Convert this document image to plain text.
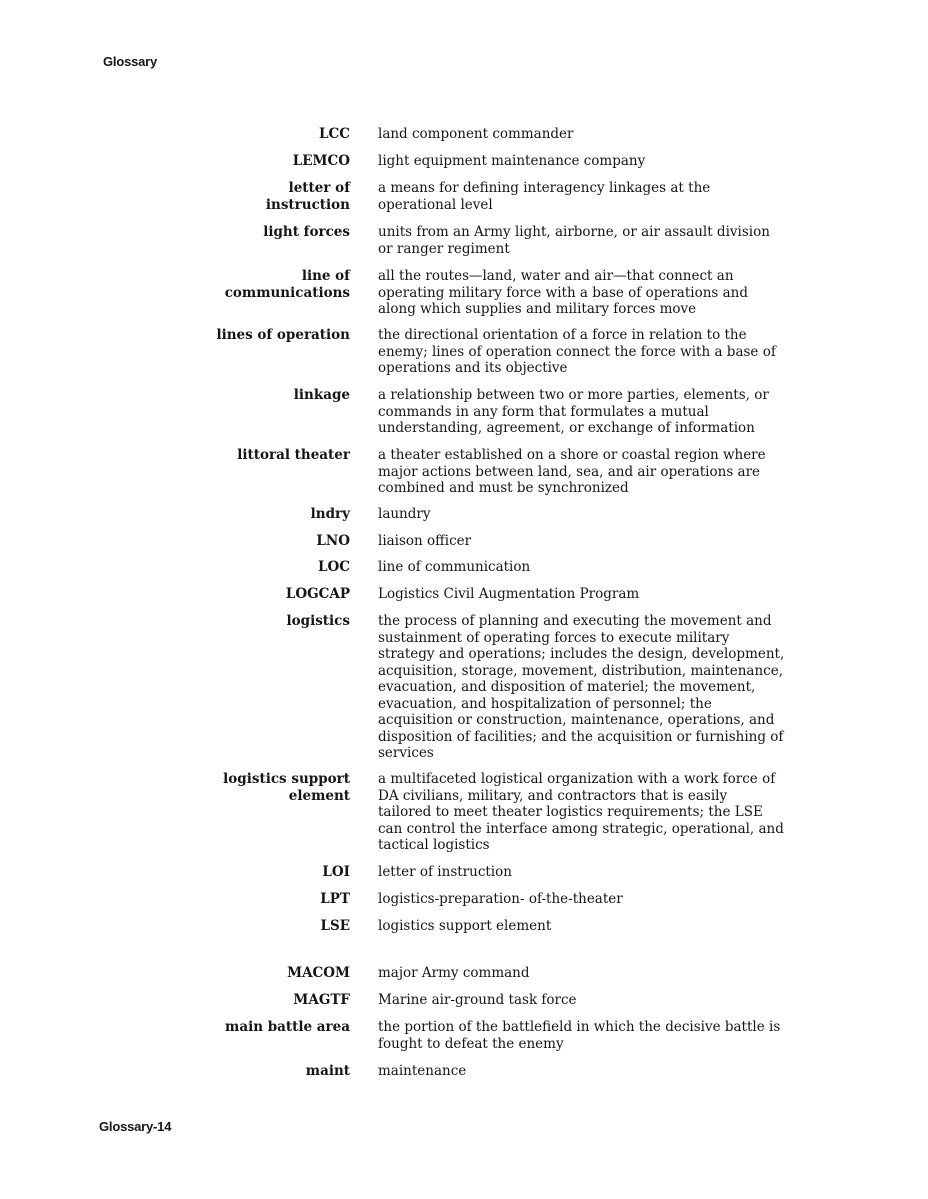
Glossary
LCC land component commander
LEMCO light equipment maintenance company
letter of
instruction
a means for defining interagency linkages at the
operational level
light forces units from an Army light, airborne, or air assault division
or ranger regiment
line of
communications
all the routes—land, water and air—that connect an
operating military force with a base of operations and
along which supplies and military forces move
lines of operation the directional orientation of a force in relation to the
enemy; lines of operation connect the force with a base of
operations and its objective
linkage a relationship between two or more parties, elements, or
commands in any form that formulates a mutual
understanding, agreement, or exchange of information
littoral theater a theater established on a shore or coastal region where
major actions between land, sea, and air operations are
combined and must be synchronized
lndry laundry
LNO liaison officer
LOC line of communication
LOGCAP Logistics Civil Augmentation Program
logistics the process of planning and executing the movement and
sustainment of operating forces to execute military
strategy and operations; includes the design, development,
acquisition, storage, movement, distribution, maintenance,
evacuation, and disposition of materiel; the movement,
evacuation, and hospitalization of personnel; the
acquisition or construction, maintenance, operations, and
disposition of facilities; and the acquisition or furnishing of
services
logistics support
element
a multifaceted logistical organization with a work force of
DA civilians, military, and contractors that is easily
tailored to meet theater logistics requirements; the LSE
can control the interface among strategic, operational, and
tactical logistics
LOI letter of instruction
LPT logistics-preparation- of-the-theater
LSE logistics support element
MACOM major Army command
MAGTF Marine air-ground task force
main battle area the portion of the battlefield in which the decisive battle is
fought to defeat the enemy
maint maintenance
Glossary-14
